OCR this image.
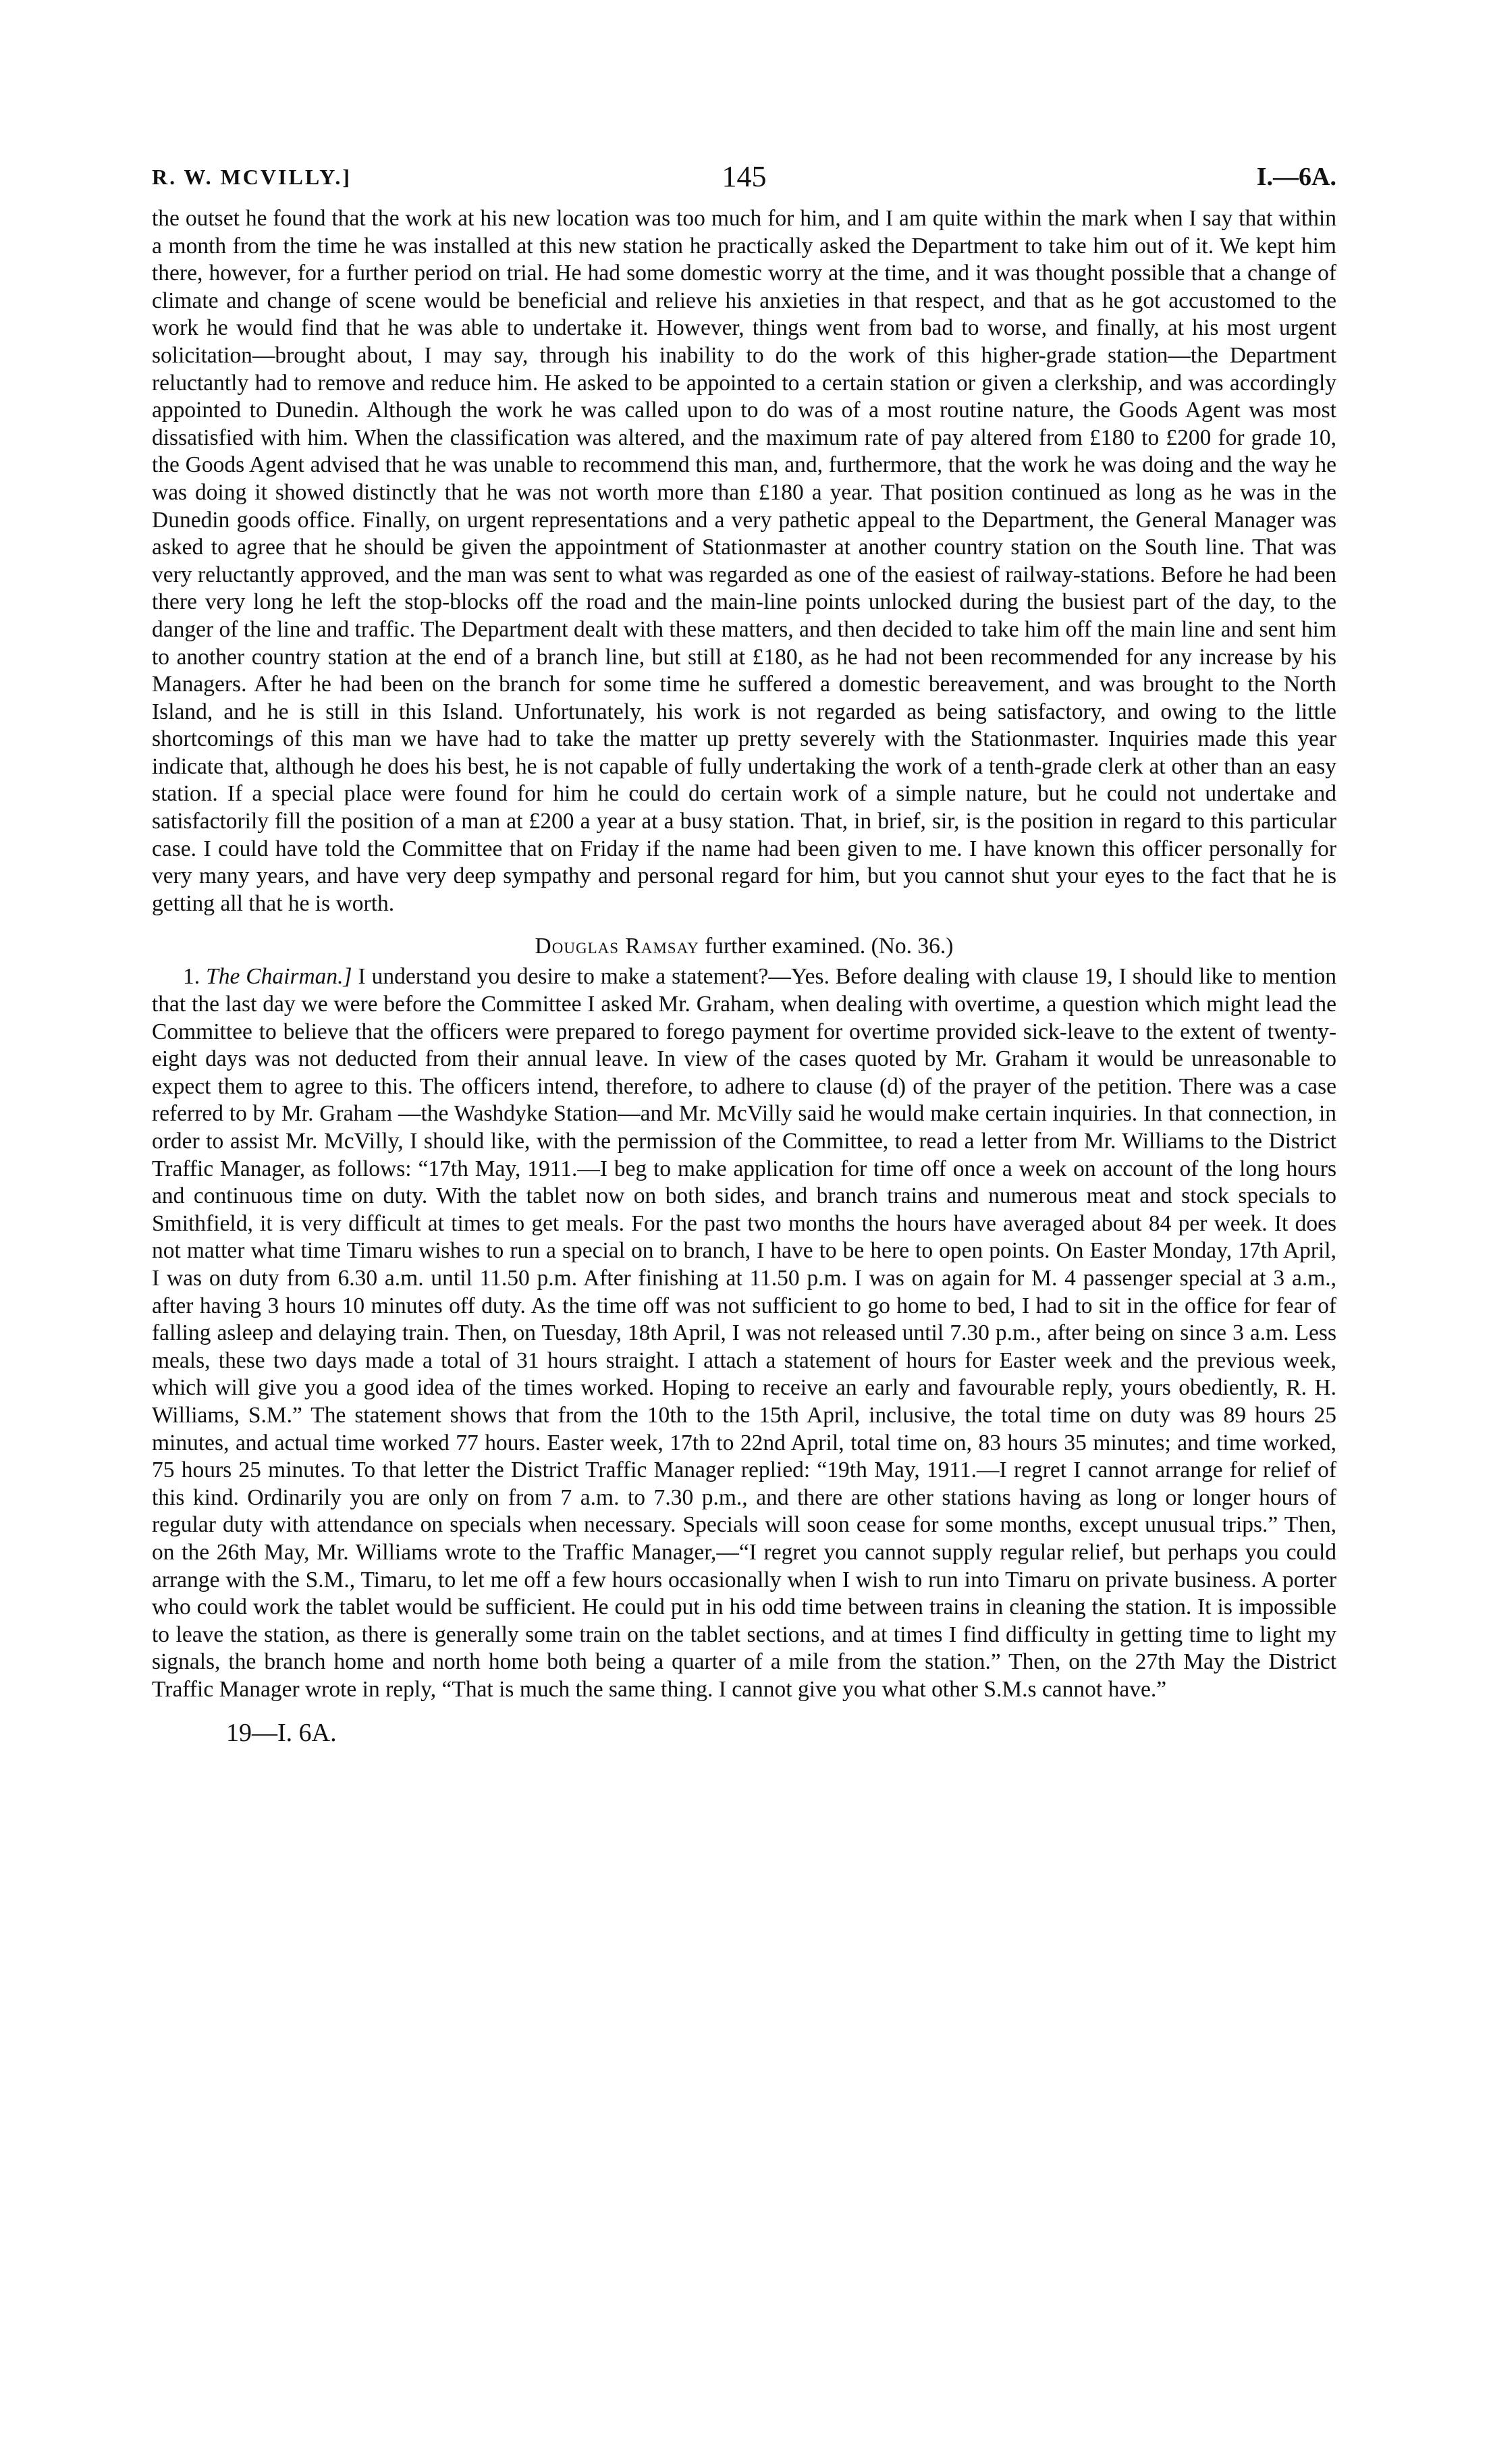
R. W. MCVILLY.]	145	I.—6A.

the outset he found that the work at his new location was too much for him, and I am quite within the mark when I say that within a month from the time he was installed at this new station he practically asked the Department to take him out of it. We kept him there, however, for a further period on trial. He had some domestic worry at the time, and it was thought possible that a change of climate and change of scene would be beneficial and relieve his anxieties in that respect, and that as he got accustomed to the work he would find that he was able to undertake it. However, things went from bad to worse, and finally, at his most urgent solicitation—brought about, I may say, through his inability to do the work of this higher-grade station—the Department reluctantly had to remove and reduce him. He asked to be appointed to a certain station or given a clerkship, and was accordingly appointed to Dunedin. Although the work he was called upon to do was of a most routine nature, the Goods Agent was most dissatisfied with him. When the classification was altered, and the maximum rate of pay altered from £180 to £200 for grade 10, the Goods Agent advised that he was unable to recommend this man, and, furthermore, that the work he was doing and the way he was doing it showed distinctly that he was not worth more than £180 a year. That position continued as long as he was in the Dunedin goods office. Finally, on urgent representations and a very pathetic appeal to the Department, the General Manager was asked to agree that he should be given the appointment of Stationmaster at another country station on the South line. That was very reluctantly approved, and the man was sent to what was regarded as one of the easiest of railway-stations. Before he had been there very long he left the stop-blocks off the road and the main-line points unlocked during the busiest part of the day, to the danger of the line and traffic. The Department dealt with these matters, and then decided to take him off the main line and sent him to another country station at the end of a branch line, but still at £180, as he had not been recommended for any increase by his Managers. After he had been on the branch for some time he suffered a domestic bereavement, and was brought to the North Island, and he is still in this Island. Unfortunately, his work is not regarded as being satisfactory, and owing to the little shortcomings of this man we have had to take the matter up pretty severely with the Stationmaster. Inquiries made this year indicate that, although he does his best, he is not capable of fully undertaking the work of a tenth-grade clerk at other than an easy station. If a special place were found for him he could do certain work of a simple nature, but he could not undertake and satisfactorily fill the position of a man at £200 a year at a busy station. That, in brief, sir, is the position in regard to this particular case. I could have told the Committee that on Friday if the name had been given to me. I have known this officer personally for very many years, and have very deep sympathy and personal regard for him, but you cannot shut your eyes to the fact that he is getting all that he is worth.

Douglas Ramsay further examined. (No. 36.)

1. The Chairman.] I understand you desire to make a statement?—Yes. Before dealing with clause 19, I should like to mention that the last day we were before the Committee I asked Mr. Graham, when dealing with overtime, a question which might lead the Committee to believe that the officers were prepared to forego payment for overtime provided sick-leave to the extent of twenty-eight days was not deducted from their annual leave. In view of the cases quoted by Mr. Graham it would be unreasonable to expect them to agree to this. The officers intend, therefore, to adhere to clause (d) of the prayer of the petition. There was a case referred to by Mr. Graham —the Washdyke Station—and Mr. McVilly said he would make certain inquiries. In that connection, in order to assist Mr. McVilly, I should like, with the permission of the Committee, to read a letter from Mr. Williams to the District Traffic Manager, as follows: “17th May, 1911.—I beg to make application for time off once a week on account of the long hours and continuous time on duty. With the tablet now on both sides, and branch trains and numerous meat and stock specials to Smithfield, it is very difficult at times to get meals. For the past two months the hours have averaged about 84 per week. It does not matter what time Timaru wishes to run a special on to branch, I have to be here to open points. On Easter Monday, 17th April, I was on duty from 6.30 a.m. until 11.50 p.m. After finishing at 11.50 p.m. I was on again for M. 4 passenger special at 3 a.m., after having 3 hours 10 minutes off duty. As the time off was not sufficient to go home to bed, I had to sit in the office for fear of falling asleep and delaying train. Then, on Tuesday, 18th April, I was not released until 7.30 p.m., after being on since 3 a.m. Less meals, these two days made a total of 31 hours straight. I attach a statement of hours for Easter week and the previous week, which will give you a good idea of the times worked. Hoping to receive an early and favourable reply, yours obediently, R. H. Williams, S.M.” The statement shows that from the 10th to the 15th April, inclusive, the total time on duty was 89 hours 25 minutes, and actual time worked 77 hours. Easter week, 17th to 22nd April, total time on, 83 hours 35 minutes; and time worked, 75 hours 25 minutes. To that letter the District Traffic Manager replied: “19th May, 1911.—I regret I cannot arrange for relief of this kind. Ordinarily you are only on from 7 a.m. to 7.30 p.m., and there are other stations having as long or longer hours of regular duty with attendance on specials when necessary. Specials will soon cease for some months, except unusual trips.” Then, on the 26th May, Mr. Williams wrote to the Traffic Manager,—“I regret you cannot supply regular relief, but perhaps you could arrange with the S.M., Timaru, to let me off a few hours occasionally when I wish to run into Timaru on private business. A porter who could work the tablet would be sufficient. He could put in his odd time between trains in cleaning the station. It is impossible to leave the station, as there is generally some train on the tablet sections, and at times I find difficulty in getting time to light my signals, the branch home and north home both being a quarter of a mile from the station.” Then, on the 27th May the District Traffic Manager wrote in reply, “That is much the same thing. I cannot give you what other S.M.s cannot have.”

19—I. 6A.
